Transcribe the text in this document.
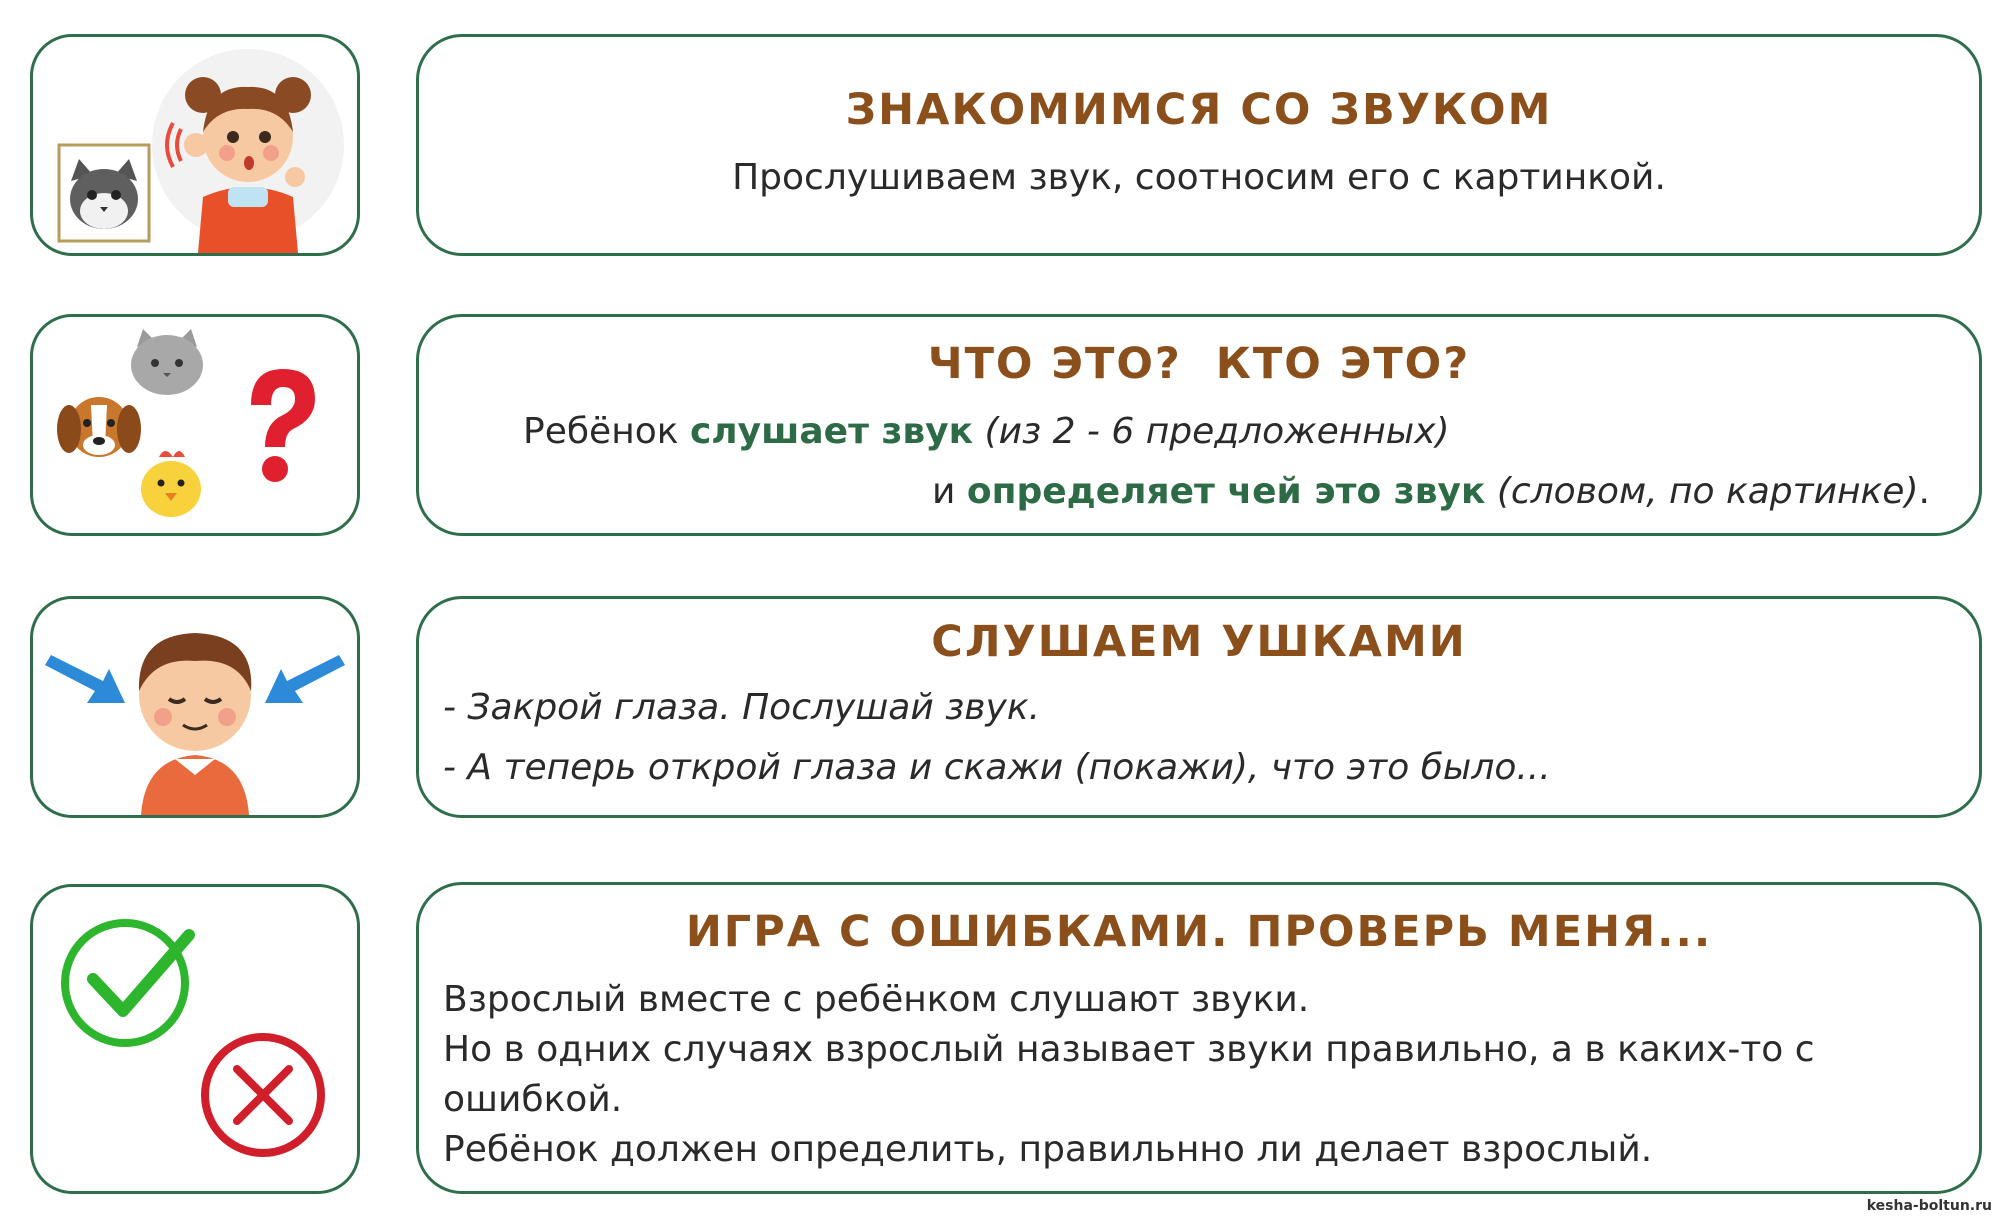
ЗНАКОМИМСЯ СО ЗВУКОМ
Прослушиваем звук, соотносим его с картинкой.
ЧТО ЭТО?  КТО ЭТО?
Ребёнок слушает звук (из 2 - 6 предложенных)
и определяет чей это звук (словом, по картинке).
СЛУШАЕМ УШКАМИ
- Закрой глаза. Послушай звук.
- А теперь открой глаза и скажи (покажи), что это было...
ИГРА С ОШИБКАМИ. ПРОВЕРЬ МЕНЯ...
Взрослый вместе с ребёнком слушают звуки.
Но в одних случаях взрослый называет звуки правильно, а в каких-то с
ошибкой.
Ребёнок должен определить, правильнно ли делает взрослый.
kesha-boltun.ru
